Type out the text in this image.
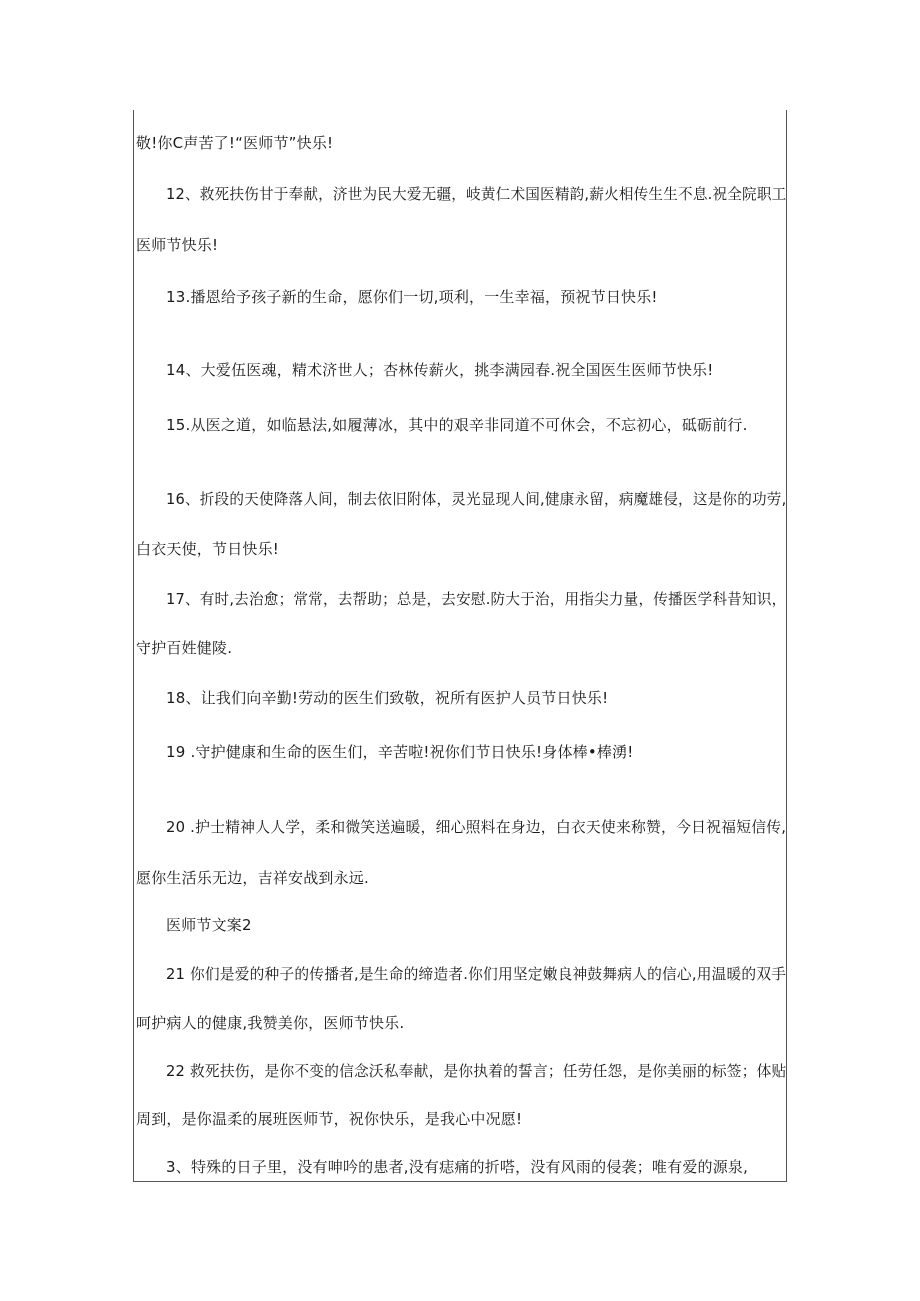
敬!你C声苦了!“医师节”快乐!
12、救死扶伤甘于奉献，济世为民大爱无疆，岐黄仁术国医精韵,薪火相传生生不息.祝全院职工
医师节快乐!
13.播恩给予孩子新的生命，愿你们一切,项利，一生幸福，预祝节日快乐!
14、大爱伍医魂，精术济世人；杏林传薪火，挑李满园春.祝全国医生医师节快乐!
15.从医之道，如临悬法,如履薄冰，其中的艰辛非同道不可休会，不忘初心，砥砺前行.
16、折段的天使降落人间，制去依旧附体，灵光显现人间,健康永留，病魔雄侵，这是你的功劳,
白衣天使，节日快乐!
17、有时,去治愈；常常，去帮助；总是，去安慰.防大于治，用指尖力量，传播医学科昔知识，
守护百姓健陵.
18、让我们向辛勤!劳动的医生们致敬，祝所有医护人员节日快乐!
19 .守护健康和生命的医生们，辛苦啦!祝你们节日快乐!身体棒•棒湧!
20 .护士精神人人学，柔和微笑送遍暖，细心照料在身边，白衣天使来称赞，今日祝福短信传,
愿你生活乐无边，吉祥安战到永远.
医师节文案2
21 你们是爱的种子的传播者,是生命的缔造者.你们用坚定嫩良神鼓舞病人的信心,用温暖的双手
呵护病人的健康,我赞美你，医师节快乐.
22 救死扶伤，是你不变的信念沃私奉献，是你执着的誓言；任劳任怨，是你美丽的标签；体贴
周到，是你温柔的展班医师节，祝你快乐，是我心中况愿!
3、特殊的日子里，没有呻吟的患者,没有痣痛的折嗒，没有风雨的侵袭；唯有爱的源泉,
